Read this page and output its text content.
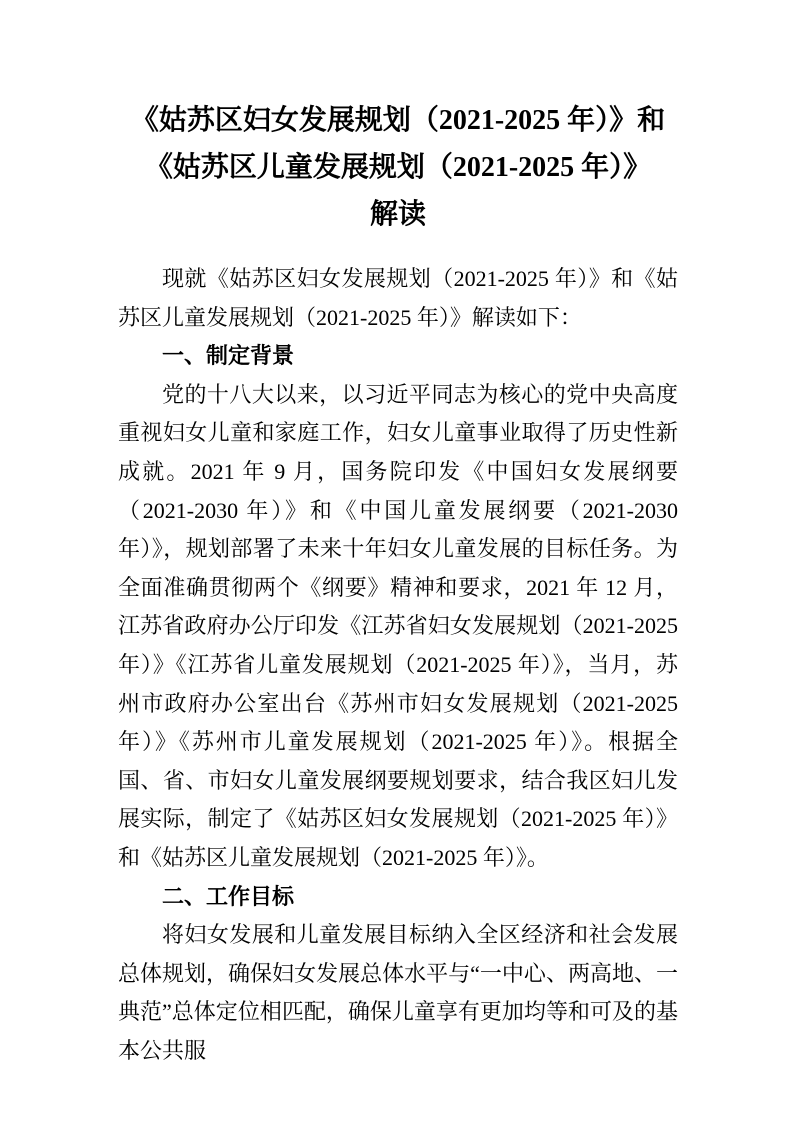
《姑苏区妇女发展规划（2021-2025 年）》和
《姑苏区儿童发展规划（2021-2025 年）》
解读

现就《姑苏区妇女发展规划（2021-2025 年）》和《姑苏区儿童发展规划（2021-2025 年）》解读如下：

一、制定背景

党的十八大以来，以习近平同志为核心的党中央高度重视妇女儿童和家庭工作，妇女儿童事业取得了历史性新成就。2021 年 9 月，国务院印发《中国妇女发展纲要（2021-2030 年）》和《中国儿童发展纲要（2021-2030 年）》，规划部署了未来十年妇女儿童发展的目标任务。为全面准确贯彻两个《纲要》精神和要求，2021 年 12 月，江苏省政府办公厅印发《江苏省妇女发展规划（2021-2025 年）》《江苏省儿童发展规划（2021-2025 年）》，当月，苏州市政府办公室出台《苏州市妇女发展规划（2021-2025 年）》《苏州市儿童发展规划（2021-2025 年）》。根据全国、省、市妇女儿童发展纲要规划要求，结合我区妇儿发展实际，制定了《姑苏区妇女发展规划（2021-2025 年）》和《姑苏区儿童发展规划（2021-2025 年）》。

二、工作目标

将妇女发展和儿童发展目标纳入全区经济和社会发展总体规划，确保妇女发展总体水平与“一中心、两高地、一典范”总体定位相匹配，确保儿童享有更加均等和可及的基本公共服
